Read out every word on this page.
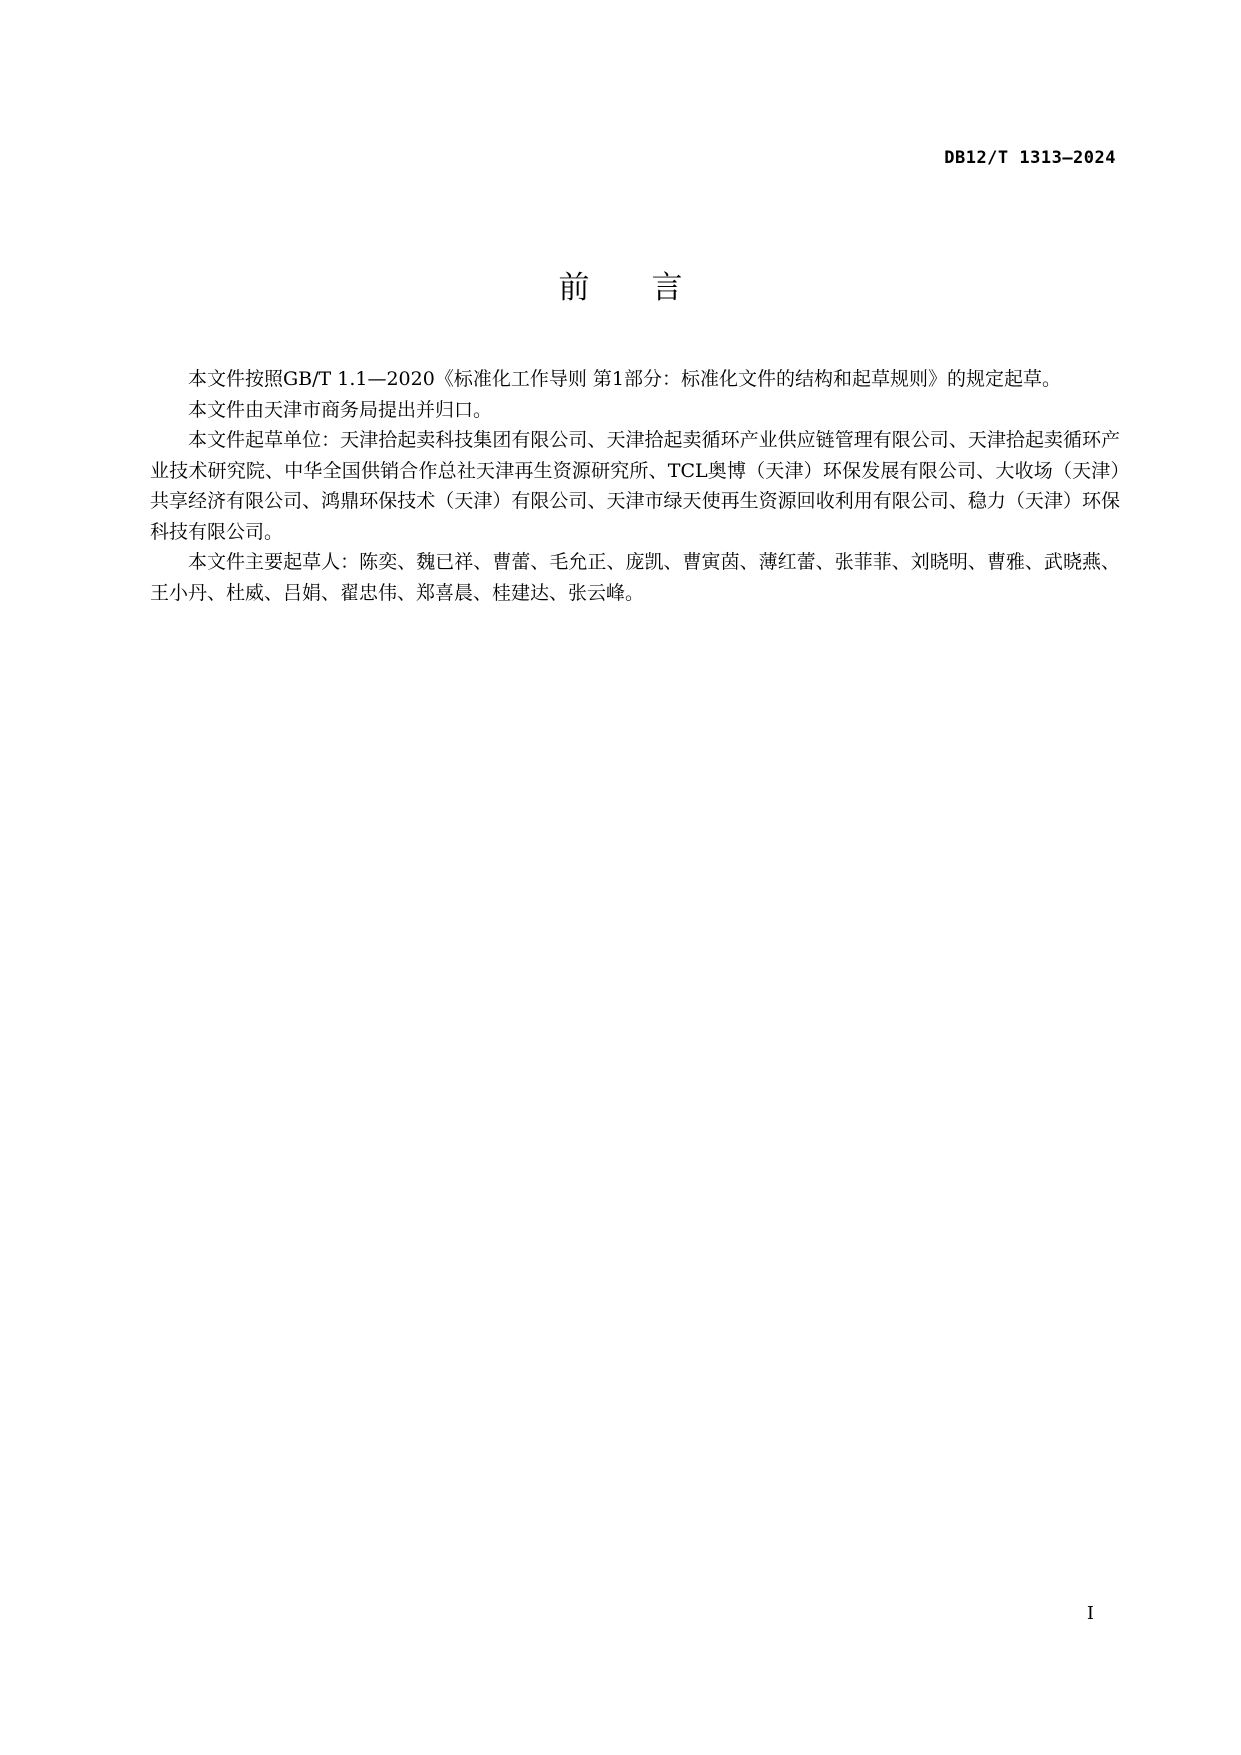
DB12/T 1313—2024
前言

本文件按照GB/T 1.1—2020《标准化工作导则 第1部分：标准化文件的结构和起草规则》的规定起草。

本文件由天津市商务局提出并归口。

本文件起草单位：天津拾起卖科技集团有限公司、天津拾起卖循环产业供应链管理有限公司、天津拾起卖循环产业技术研究院、中华全国供销合作总社天津再生资源研究所、TCL奥博（天津）环保发展有限公司、大收场（天津）共享经济有限公司、鸿鼎环保技术（天津）有限公司、天津市绿天使再生资源回收利用有限公司、稳力（天津）环保科技有限公司。

本文件主要起草人：陈奕、魏已祥、曹蕾、毛允正、庞凯、曹寅茵、薄红蕾、张菲菲、刘晓明、曹雅、武晓燕、王小丹、杜威、吕娟、翟忠伟、郑喜晨、桂建达、张云峰。

I
